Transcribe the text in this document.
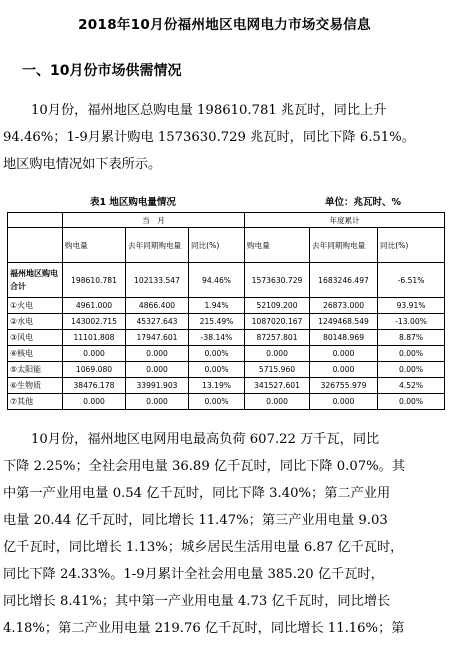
2018年10月份福州地区电网电力市场交易信息
一、10月份市场供需情况
10月份，福州地区总购电量 198610.781 兆瓦时，同比上升
94.46%；1-9月累计购电 1573630.729 兆瓦时，同比下降 6.51%。
地区购电情况如下表所示。
表1 地区购电量情况	单位：兆瓦时、%
	当　月			年度累计		
	购电量	去年同期购电量	同比(%)	购电量	去年同期购电量	同比(%)
福州地区购电合计	198610.781	102133.547	94.46%	1573630.729	1683246.497	-6.51%
①火电	4961.000	4866.400	1.94%	52109.200	26873.000	93.91%
②水电	143002.715	45327.643	215.49%	1087020.167	1249468.549	-13.00%
③风电	11101.808	17947.601	-38.14%	87257.801	80148.969	8.87%
④核电	0.000	0.000	0.00%	0.000	0.000	0.00%
⑤太阳能	1069.080	0.000	0.00%	5715.960	0.000	0.00%
⑥生物质	38476.178	33991.903	13.19%	341527.601	326755.979	4.52%
⑦其他	0.000	0.000	0.00%	0.000	0.000	0.00%
10月份，福州地区电网用电最高负荷 607.22 万千瓦，同比
下降 2.25%；全社会用电量 36.89 亿千瓦时，同比下降 0.07%。其
中第一产业用电量 0.54 亿千瓦时，同比下降 3.40%；第二产业用
电量 20.44 亿千瓦时，同比增长 11.47%；第三产业用电量 9.03
亿千瓦时，同比增长 1.13%；城乡居民生活用电量 6.87 亿千瓦时，
同比下降 24.33%。1-9月累计全社会用电量 385.20 亿千瓦时，
同比增长 8.41%；其中第一产业用电量 4.73 亿千瓦时，同比增长
4.18%；第二产业用电量 219.76 亿千瓦时，同比增长 11.16%；第
